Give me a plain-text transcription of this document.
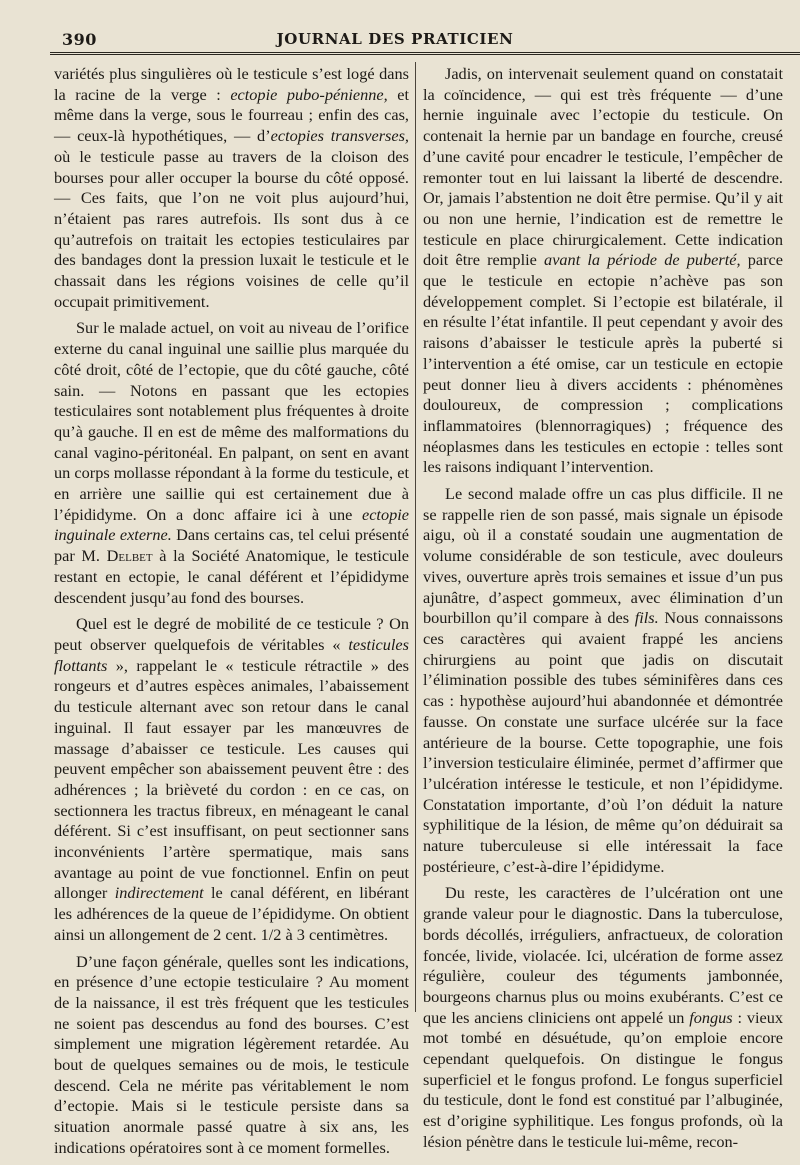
390	JOURNAL DES PRATICIEN

variétés plus singulières où le testicule s’est logé dans la racine de la verge : ectopie pubo-pénienne, et même dans la verge, sous le fourreau ; enfin des cas, — ceux-là hypothétiques, — d’ectopies transverses, où le testicule passe au travers de la cloison des bourses pour aller occuper la bourse du côté opposé. — Ces faits, que l’on ne voit plus aujourd’hui, n’étaient pas rares autrefois. Ils sont dus à ce qu’autrefois on traitait les ectopies testiculaires par des bandages dont la pression luxait le testicule et le chassait dans les régions voisines de celle qu’il occupait primitivement.

Sur le malade actuel, on voit au niveau de l’orifice externe du canal inguinal une saillie plus marquée du côté droit, côté de l’ectopie, que du côté gauche, côté sain. — Notons en passant que les ectopies testiculaires sont notablement plus fréquentes à droite qu’à gauche. Il en est de même des malformations du canal vagino-péritonéal. En palpant, on sent en avant un corps mollasse répondant à la forme du testicule, et en arrière une saillie qui est certainement due à l’épididyme. On a donc affaire ici à une ectopie inguinale externe. Dans certains cas, tel celui présenté par M. Delbet à la Société Anatomique, le testicule restant en ectopie, le canal déférent et l’épididyme descendent jusqu’au fond des bourses.

Quel est le degré de mobilité de ce testicule ? On peut observer quelquefois de véritables « testicules flottants », rappelant le « testicule rétractile » des rongeurs et d’autres espèces animales, l’abaissement du testicule alternant avec son retour dans le canal inguinal. Il faut essayer par les manœuvres de massage d’abaisser ce testicule. Les causes qui peuvent empêcher son abaissement peuvent être : des adhérences ; la brièveté du cordon : en ce cas, on sectionnera les tractus fibreux, en ménageant le canal déférent. Si c’est insuffisant, on peut sectionner sans inconvénients l’artère spermatique, mais sans avantage au point de vue fonctionnel. Enfin on peut allonger indirectement le canal déférent, en libérant les adhérences de la queue de l’épididyme. On obtient ainsi un allongement de 2 cent. 1/2 à 3 centimètres.

D’une façon générale, quelles sont les indications, en présence d’une ectopie testiculaire ? Au moment de la naissance, il est très fréquent que les testicules ne soient pas descendus au fond des bourses. C’est simplement une migration légèrement retardée. Au bout de quelques semaines ou de mois, le testicule descend. Cela ne mérite pas véritablement le nom d’ectopie. Mais si le testicule persiste dans sa situation anormale passé quatre à six ans, les indications opératoires sont à ce moment formelles.

Jadis, on intervenait seulement quand on constatait la coïncidence, — qui est très fréquente — d’une hernie inguinale avec l’ectopie du testicule. On contenait la hernie par un bandage en fourche, creusé d’une cavité pour encadrer le testicule, l’empêcher de remonter tout en lui laissant la liberté de descendre. Or, jamais l’abstention ne doit être permise. Qu’il y ait ou non une hernie, l’indication est de remettre le testicule en place chirurgicalement. Cette indication doit être remplie avant la période de puberté, parce que le testicule en ectopie n’achève pas son développement complet. Si l’ectopie est bilatérale, il en résulte l’état infantile. Il peut cependant y avoir des raisons d’abaisser le testicule après la puberté si l’intervention a été omise, car un testicule en ectopie peut donner lieu à divers accidents : phénomènes douloureux, de compression ; complications inflammatoires (blennorragiques) ; fréquence des néoplasmes dans les testicules en ectopie : telles sont les raisons indiquant l’intervention.

Le second malade offre un cas plus difficile. Il ne se rappelle rien de son passé, mais signale un épisode aigu, où il a constaté soudain une augmentation de volume considérable de son testicule, avec douleurs vives, ouverture après trois semaines et issue d’un pus ajunâtre, d’aspect gommeux, avec élimination d’un bourbillon qu’il compare à des fils. Nous connaissons ces caractères qui avaient frappé les anciens chirurgiens au point que jadis on discutait l’élimination possible des tubes séminifères dans ces cas : hypothèse aujourd’hui abandonnée et démontrée fausse. On constate une surface ulcérée sur la face antérieure de la bourse. Cette topographie, une fois l’inversion testiculaire éliminée, permet d’affirmer que l’ulcération intéresse le testicule, et non l’épididyme. Constatation importante, d’où l’on déduit la nature syphilitique de la lésion, de même qu’on déduirait sa nature tuberculeuse si elle intéressait la face postérieure, c’est-à-dire l’épididyme.

Du reste, les caractères de l’ulcération ont une grande valeur pour le diagnostic. Dans la tuberculose, bords décollés, irréguliers, anfractueux, de coloration foncée, livide, violacée. Ici, ulcération de forme assez régulière, couleur des téguments jambonnée, bourgeons charnus plus ou moins exubérants. C’est ce que les anciens cliniciens ont appelé un fongus : vieux mot tombé en désuétude, qu’on emploie encore cependant quelquefois. On distingue le fongus superficiel et le fongus profond. Le fongus superficiel du testicule, dont le fond est constitué par l’albuginée, est d’origine syphilitique. Les fongus profonds, où la lésion pénètre dans le testicule lui-même, recon-
